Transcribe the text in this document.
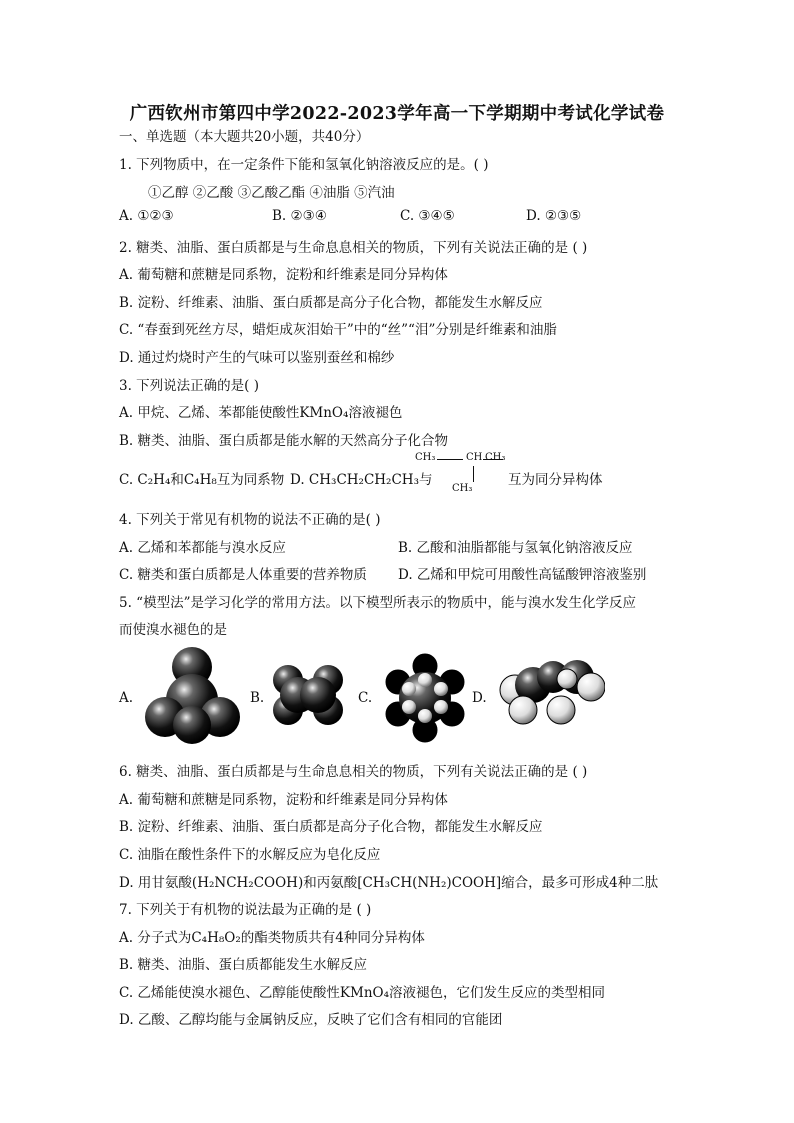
广西钦州市第四中学2022-2023学年高一下学期期中考试化学试卷
一、单选题（本大题共20小题，共40分）
1. 下列物质中，在一定条件下能和氢氧化钠溶液反应的是。( )
①乙醇 ②乙酸 ③乙酸乙酯 ④油脂 ⑤汽油
A. ①②③	B. ②③④	C. ③④⑤	D. ②③⑤
2. 糖类、油脂、蛋白质都是与生命息息相关的物质，下列有关说法正确的是 ( )
A. 葡萄糖和蔗糖是同系物，淀粉和纤维素是同分异构体
B. 淀粉、纤维素、油脂、蛋白质都是高分子化合物，都能发生水解反应
C. “春蚕到死丝方尽，蜡炬成灰泪始干”中的“丝”“泪”分别是纤维素和油脂
D. 通过灼烧时产生的气味可以鉴别蚕丝和棉纱
3. 下列说法正确的是( )
A. 甲烷、乙烯、苯都能使酸性KMnO₄溶液褪色
B. 糖类、油脂、蛋白质都是能水解的天然高分子化合物
C. C₂H₄和C₄H₈互为同系物 D. CH₃CH₂CH₂CH₃与
CH₃	CH CH₃
CH₃
互为同分异构体
4. 下列关于常见有机物的说法不正确的是( )
A. 乙烯和苯都能与溴水反应	B. 乙酸和油脂都能与氢氧化钠溶液反应
C. 糖类和蛋白质都是人体重要的营养物质 D. 乙烯和甲烷可用酸性高锰酸钾溶液鉴别
5. “模型法”是学习化学的常用方法。以下模型所表示的物质中，能与溴水发生化学反应
而使溴水褪色的是
A.	B.	C.	D.
6. 糖类、油脂、蛋白质都是与生命息息相关的物质，下列有关说法正确的是 ( )
A. 葡萄糖和蔗糖是同系物，淀粉和纤维素是同分异构体
B. 淀粉、纤维素、油脂、蛋白质都是高分子化合物，都能发生水解反应
C. 油脂在酸性条件下的水解反应为皂化反应
D. 用甘氨酸(H₂NCH₂COOH)和丙氨酸[CH₃CH(NH₂)COOH]缩合，最多可形成4种二肽
7. 下列关于有机物的说法最为正确的是 ( )
A. 分子式为C₄H₈O₂的酯类物质共有4种同分异构体
B. 糖类、油脂、蛋白质都能发生水解反应
C. 乙烯能使溴水褪色、乙醇能使酸性KMnO₄溶液褪色，它们发生反应的类型相同
D. 乙酸、乙醇均能与金属钠反应，反映了它们含有相同的官能团
